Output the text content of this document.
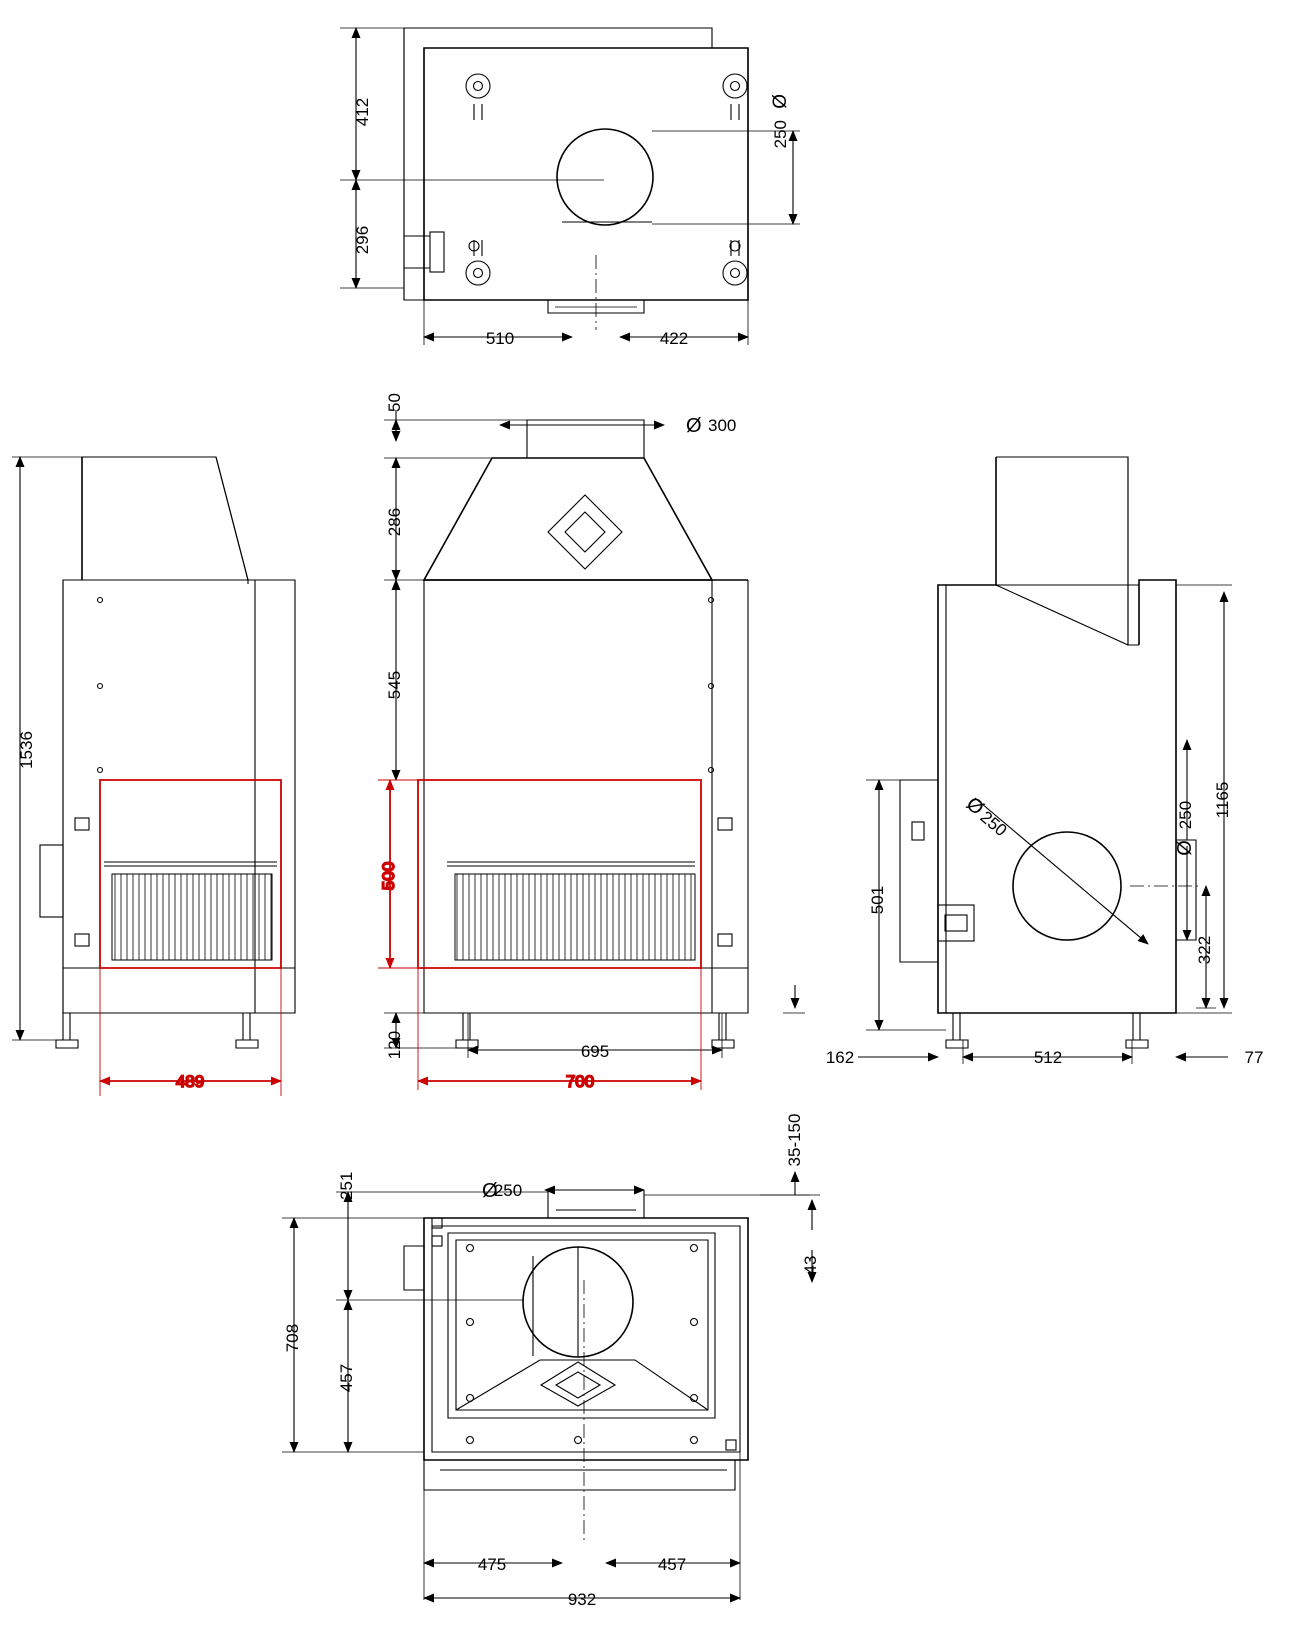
412
296
250
Ø
510	422
1536
489
50
300
Ø
286
545
500
120	695
700
35-150
501
250
Ø	1165
250
Ø
322
162	512	77
251
708
457
250
Ø
43
475	457
932
